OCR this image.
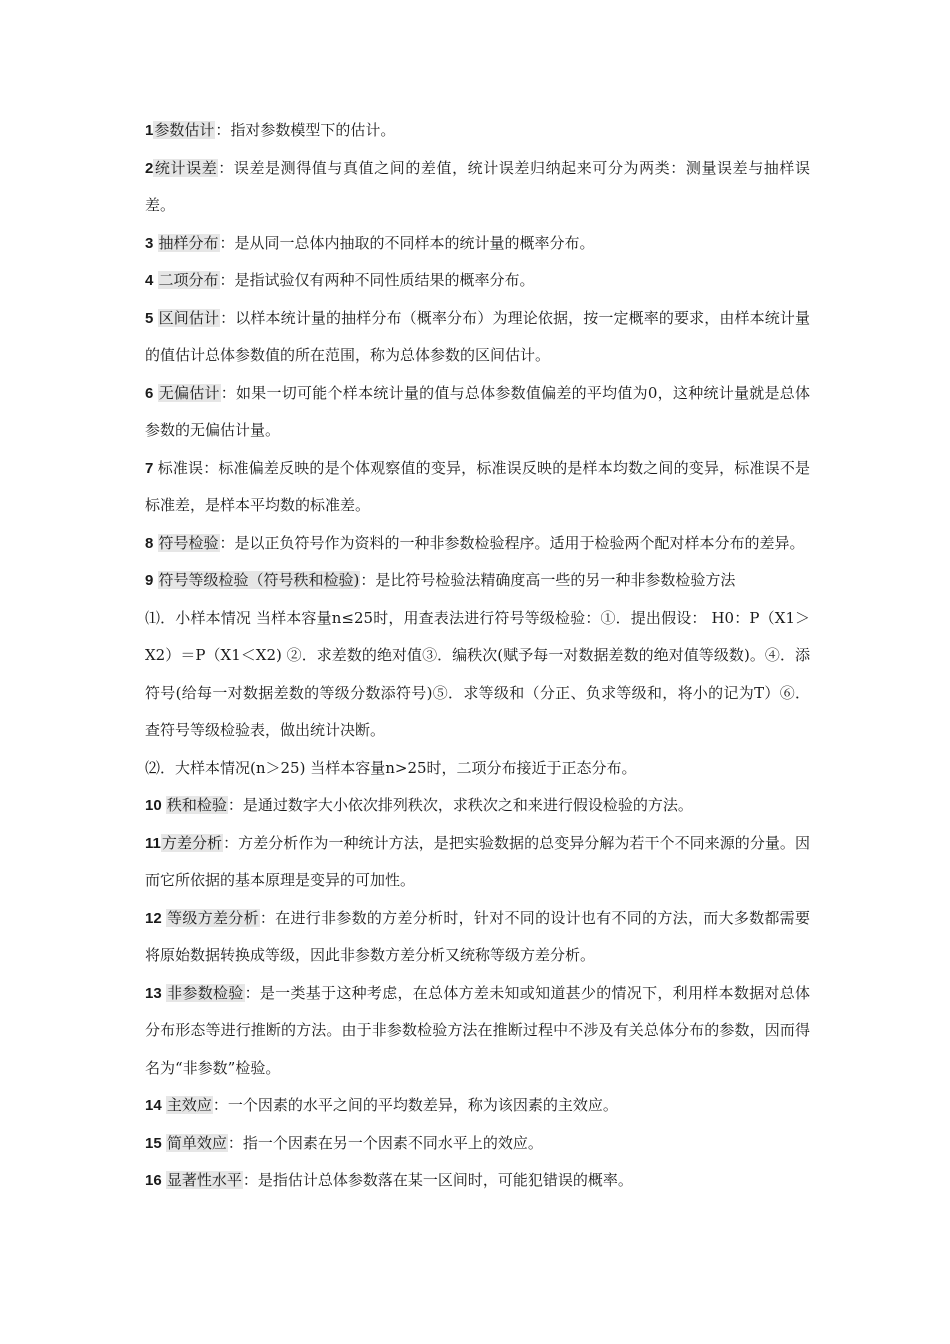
1参数估计：指对参数模型下的估计。

2统计误差：误差是测得值与真值之间的差值，统计误差归纳起来可分为两类：测量误差与抽样误差。

3 抽样分布：是从同一总体内抽取的不同样本的统计量的概率分布。

4 二项分布：是指试验仅有两种不同性质结果的概率分布。

5 区间估计：以样本统计量的抽样分布（概率分布）为理论依据，按一定概率的要求，由样本统计量的值估计总体参数值的所在范围，称为总体参数的区间估计。

6 无偏估计：如果一切可能个样本统计量的值与总体参数值偏差的平均值为0，这种统计量就是总体参数的无偏估计量。

7 标准误：标准偏差反映的是个体观察值的变异，标准误反映的是样本均数之间的变异，标准误不是标准差，是样本平均数的标准差。

8 符号检验：是以正负符号作为资料的一种非参数检验程序。适用于检验两个配对样本分布的差异。

9 符号等级检验（符号秩和检验)：是比符号检验法精确度高一些的另一种非参数检验方法

⑴．小样本情况 当样本容量n≤25时，用查表法进行符号等级检验：①．提出假设： H0：P（X1＞X2）＝P（X1＜X2) ②．求差数的绝对值③．编秩次(赋予每一对数据差数的绝对值等级数)。④．添符号(给每一对数据差数的等级分数添符号)⑤．求等级和（分正、负求等级和，将小的记为T）⑥．查符号等级检验表，做出统计决断。

⑵．大样本情况(n＞25) 当样本容量n>25时，二项分布接近于正态分布。

10 秩和检验：是通过数字大小依次排列秩次，求秩次之和来进行假设检验的方法。

11方差分析：方差分析作为一种统计方法，是把实验数据的总变异分解为若干个不同来源的分量。因而它所依据的基本原理是变异的可加性。

12 等级方差分析：在进行非参数的方差分析时，针对不同的设计也有不同的方法，而大多数都需要将原始数据转换成等级，因此非参数方差分析又统称等级方差分析。

13 非参数检验：是一类基于这种考虑，在总体方差未知或知道甚少的情况下，利用样本数据对总体分布形态等进行推断的方法。由于非参数检验方法在推断过程中不涉及有关总体分布的参数，因而得名为“非参数”检验。

14 主效应：一个因素的水平之间的平均数差异，称为该因素的主效应。

15 简单效应：指一个因素在另一个因素不同水平上的效应。

16 显著性水平：是指估计总体参数落在某一区间时，可能犯错误的概率。
